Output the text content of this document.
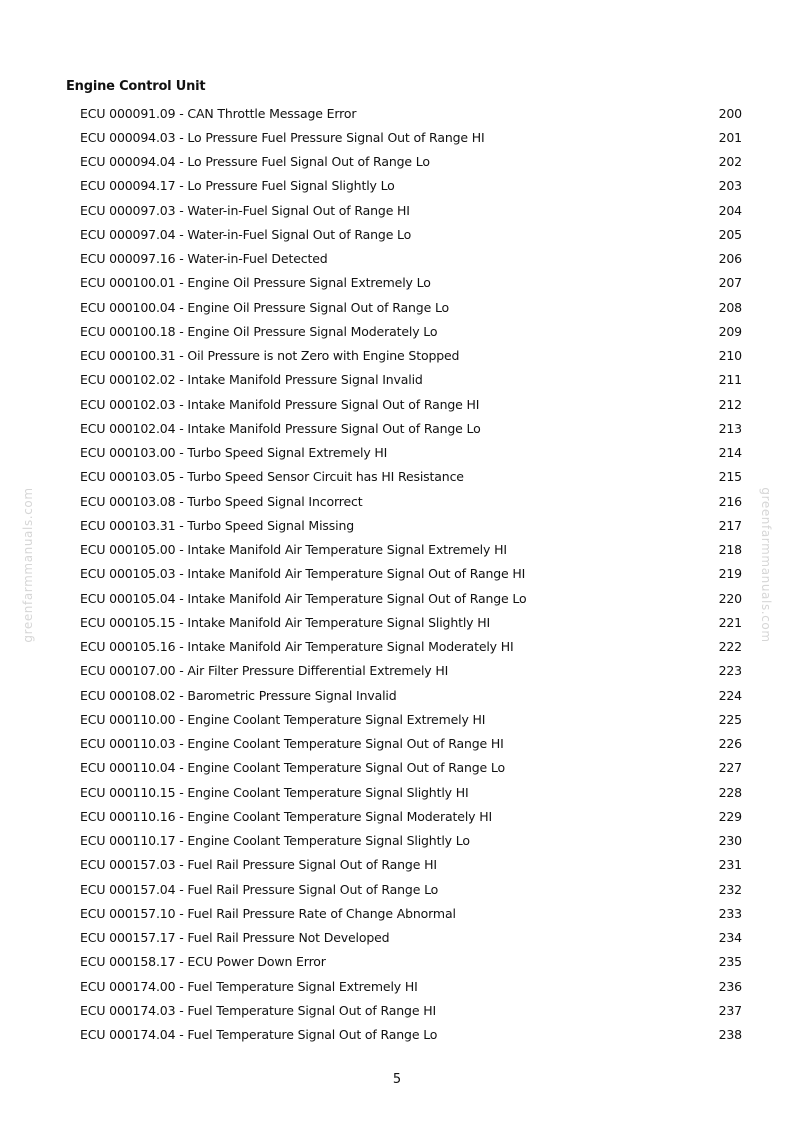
Engine Control Unit
ECU 000091.09 - CAN Throttle Message Error	200
ECU 000094.03 - Lo Pressure Fuel Pressure Signal Out of Range HI	201
ECU 000094.04 - Lo Pressure Fuel Signal Out of Range Lo	202
ECU 000094.17 - Lo Pressure Fuel Signal Slightly Lo	203
ECU 000097.03 - Water-in-Fuel Signal Out of Range HI	204
ECU 000097.04 - Water-in-Fuel Signal Out of Range Lo	205
ECU 000097.16 - Water-in-Fuel Detected	206
ECU 000100.01 - Engine Oil Pressure Signal Extremely Lo	207
ECU 000100.04 - Engine Oil Pressure Signal Out of Range Lo	208
ECU 000100.18 - Engine Oil Pressure Signal Moderately Lo	209
ECU 000100.31 - Oil Pressure is not Zero with Engine Stopped	210
ECU 000102.02 - Intake Manifold Pressure Signal Invalid	211
ECU 000102.03 - Intake Manifold Pressure Signal Out of Range HI	212
ECU 000102.04 - Intake Manifold Pressure Signal Out of Range Lo	213
ECU 000103.00 - Turbo Speed Signal Extremely HI	214
ECU 000103.05 - Turbo Speed Sensor Circuit has HI Resistance	215
ECU 000103.08 - Turbo Speed Signal Incorrect	216
ECU 000103.31 - Turbo Speed Signal Missing	217
ECU 000105.00 - Intake Manifold Air Temperature Signal Extremely HI	218
ECU 000105.03 - Intake Manifold Air Temperature Signal Out of Range HI	219
ECU 000105.04 - Intake Manifold Air Temperature Signal Out of Range Lo	220
ECU 000105.15 - Intake Manifold Air Temperature Signal Slightly HI	221
ECU 000105.16 - Intake Manifold Air Temperature Signal Moderately HI	222
ECU 000107.00 - Air Filter Pressure Differential Extremely HI	223
ECU 000108.02 - Barometric Pressure Signal Invalid	224
ECU 000110.00 - Engine Coolant Temperature Signal Extremely HI	225
ECU 000110.03 - Engine Coolant Temperature Signal Out of Range HI	226
ECU 000110.04 - Engine Coolant Temperature Signal Out of Range Lo	227
ECU 000110.15 - Engine Coolant Temperature Signal Slightly HI	228
ECU 000110.16 - Engine Coolant Temperature Signal Moderately HI	229
ECU 000110.17 - Engine Coolant Temperature Signal Slightly Lo	230
ECU 000157.03 - Fuel Rail Pressure Signal Out of Range HI	231
ECU 000157.04 - Fuel Rail Pressure Signal Out of Range Lo	232
ECU 000157.10 - Fuel Rail Pressure Rate of Change Abnormal	233
ECU 000157.17 - Fuel Rail Pressure Not Developed	234
ECU 000158.17 - ECU Power Down Error	235
ECU 000174.00 - Fuel Temperature Signal Extremely HI	236
ECU 000174.03 - Fuel Temperature Signal Out of Range HI	237
ECU 000174.04 - Fuel Temperature Signal Out of Range Lo	238
greenfarmmanuals.com	greenfarmmanuals.com
5
